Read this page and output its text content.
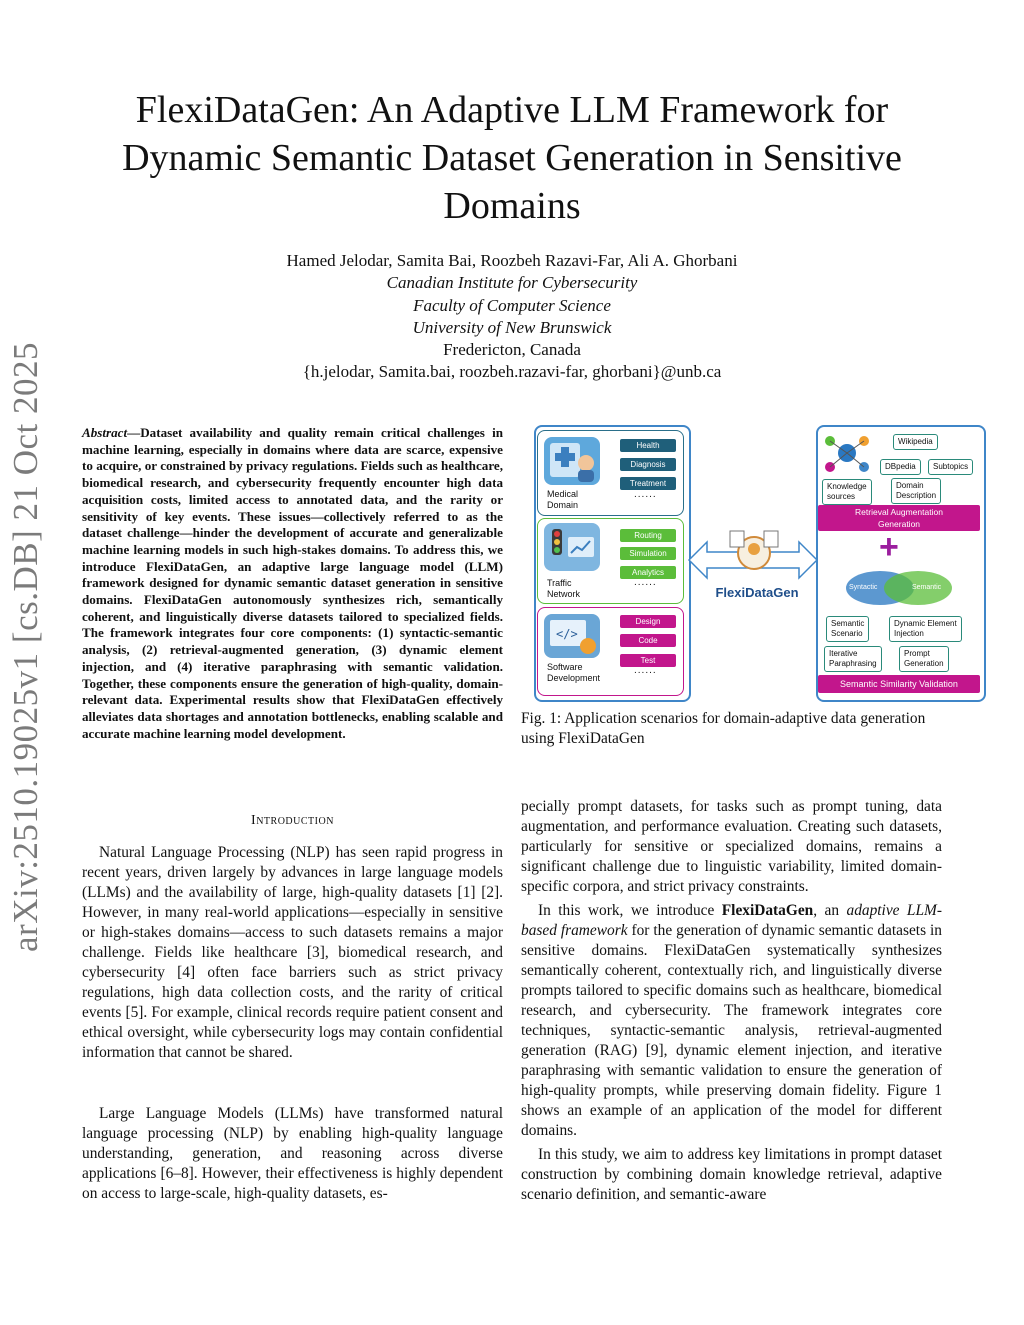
arXiv:2510.19025v1 [cs.DB] 21 Oct 2025
FlexiDataGen: An Adaptive LLM Framework for
Dynamic Semantic Dataset Generation in Sensitive
Domains
Hamed Jelodar, Samita Bai, Roozbeh Razavi-Far, Ali A. Ghorbani
Canadian Institute for Cybersecurity
Faculty of Computer Science
University of New Brunswick
Fredericton, Canada
{h.jelodar, Samita.bai, roozbeh.razavi-far, ghorbani}@unb.ca
Abstract—Dataset availability and quality remain critical challenges in machine learning, especially in domains where data are scarce, expensive to acquire, or constrained by privacy regulations. Fields such as healthcare, biomedical research, and cybersecurity frequently encounter high data acquisition costs, limited access to annotated data, and the rarity or sensitivity of key events. These issues—collectively referred to as the dataset challenge—hinder the development of accurate and generalizable machine learning models in such high-stakes domains. To address this, we introduce FlexiDataGen, an adaptive large language model (LLM) framework designed for dynamic semantic dataset generation in sensitive domains. FlexiDataGen autonomously synthesizes rich, semantically coherent, and linguistically diverse datasets tailored to specialized fields. The framework integrates four core components: (1) syntactic-semantic analysis, (2) retrieval-augmented generation, (3) dynamic element injection, and (4) iterative paraphrasing with semantic validation. Together, these components ensure the generation of high-quality, domain-relevant data. Experimental results show that FlexiDataGen effectively alleviates data shortages and annotation bottlenecks, enabling scalable and accurate machine learning model development.
Introduction

Natural Language Processing (NLP) has seen rapid progress in recent years, driven largely by advances in large language models (LLMs) and the availability of large, high-quality datasets [1] [2]. However, in many real-world applications—especially in sensitive or high-stakes domains—access to such datasets remains a major challenge. Fields like healthcare [3], biomedical research, and cybersecurity [4] often face barriers such as strict privacy regulations, high data collection costs, and the rarity of critical events [5]. For example, clinical records require patient consent and ethical oversight, while cybersecurity logs may contain confidential information that cannot be shared.

Large Language Models (LLMs) have transformed natural language processing (NLP) by enabling high-quality language understanding, generation, and reasoning across diverse applications [6–8]. However, their effectiveness is highly dependent on access to large-scale, high-quality datasets, es-

pecially prompt datasets, for tasks such as prompt tuning, data augmentation, and performance evaluation. Creating such datasets, particularly for sensitive or specialized domains, remains a significant challenge due to linguistic variability, limited domain-specific corpora, and strict privacy constraints.

In this work, we introduce FlexiDataGen, an adaptive LLM-based framework for the generation of dynamic semantic datasets in sensitive domains. FlexiDataGen systematically synthesizes semantically coherent, contextually rich, and linguistically diverse prompts tailored to specific domains such as healthcare, biomedical research, and cybersecurity. The framework integrates core techniques, syntactic-semantic analysis, retrieval-augmented generation (RAG) [9], dynamic element injection, and iterative paraphrasing with semantic validation to ensure the generation of high-quality prompts, while preserving domain fidelity. Figure 1 shows an example of an application of the model for different domains.

In this study, we aim to address key limitations in prompt dataset construction by combining domain knowledge retrieval, adaptive scenario definition, and semantic-aware

Medical
Domain
Health
Diagnosis
Treatment
......
Traffic
Network
Routing
Simulation
Analytics
......
</>
Software
Development
Design
Code
Test
......
FlexiDataGen
Wikipedia
DBpedia	Subtopics
Knowledge
sources
Domain
Description
Retrieval Augmentation
Generation
+
Syntactic	Semantic
Semantic
Scenario
Dynamic Element
Injection
Iterative
Paraphrasing
Prompt
Generation
Semantic Similarity Validation
Fig. 1: Application scenarios for domain-adaptive data generation using FlexiDataGen
